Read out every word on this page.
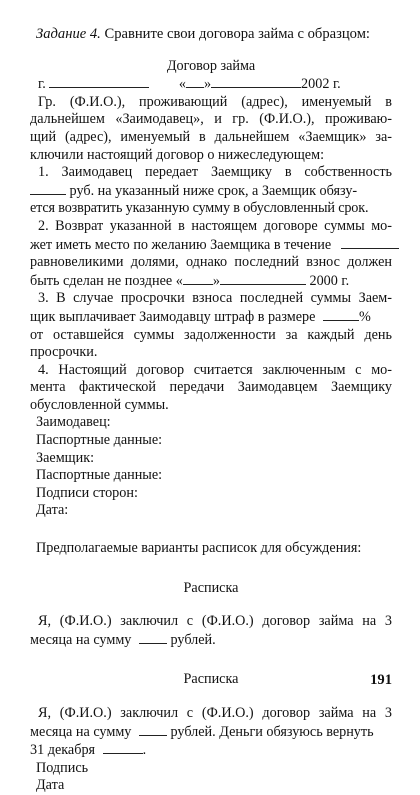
Задание 4. Сравните свои договора займа с образцом:

Договор займа

г.	« »	2002 г.

Гр. (Ф.И.О.), проживающий (адрес), именуемый в

дальнейшем «Заимодавец», и гр. (Ф.И.О.), проживаю-

щий (адрес), именуемый в дальнейшем «Заемщик» за-

ключили настоящий договор о нижеследующем:

1. Заимодавец передает Заемщику в собственность

руб. на указанный ниже срок, а Заемщик обязу-

ется возвратить указанную сумму в обусловленный срок.

2. Возврат указанной в настоящем договоре суммы мо-

жет иметь место по желанию Заемщика в течение

равновеликими долями, однако последний взнос должен

быть сделан не позднее « »	2000 г.

3. В случае просрочки взноса последней суммы Заем-

щик выплачивает Заимодавцу штраф в размере	%

от оставшейся суммы задолженности за каждый день

просрочки.

4. Настоящий договор считается заключенным с мо-

мента фактической передачи Заимодавцем Заемщику

обусловленной суммы.

Заимодавец:

Паспортные данные:

Заемщик:

Паспортные данные:

Подписи сторон:

Дата:

Предполагаемые варианты расписок для обсуждения:

Расписка

Я, (Ф.И.О.) заключил с (Ф.И.О.) договор займа на 3

месяца на сумму	рублей.

Расписка

Я, (Ф.И.О.) заключил с (Ф.И.О.) договор займа на 3

месяца на сумму	рублей. Деньги обязуюсь вернуть

31 декабря	.

Подпись

Дата

191
